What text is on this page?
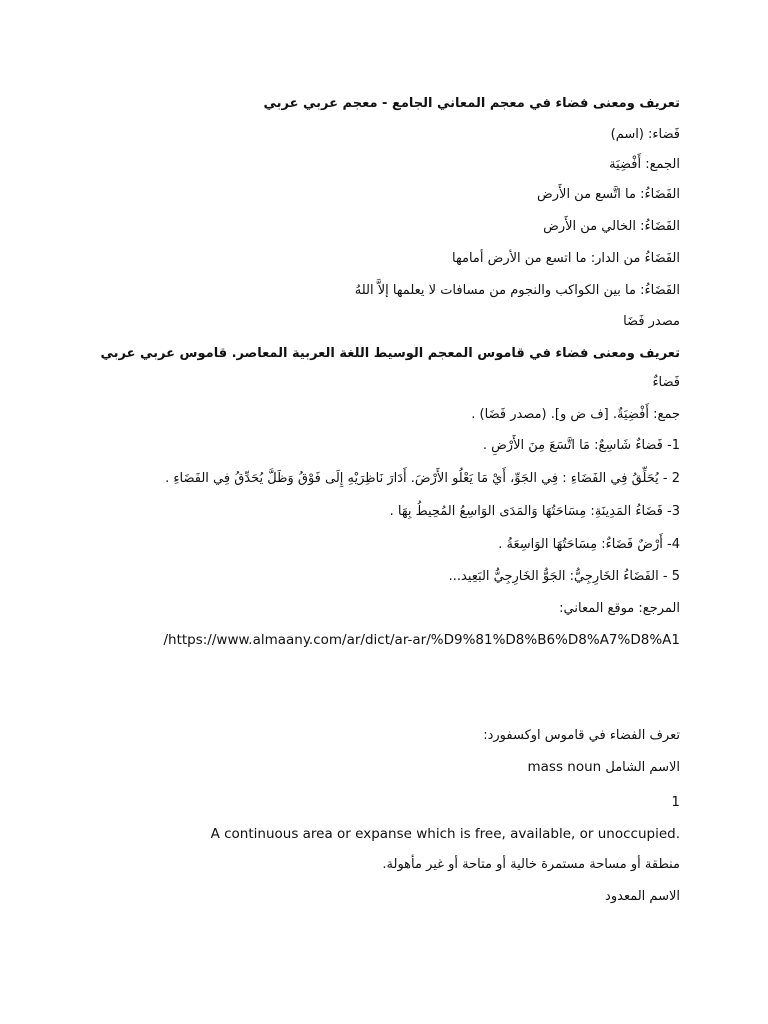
تعريف ومعنى فضاء في معجم المعاني الجامع - معجم عربي عربي
فَضاء: (اسم)
الجمع: أَفْضِيَة
الفَضَاءُ: ما اتَّسع من الأَرض
الفَضَاءُ: الخالي من الأَرض
الفَضَاءُ من الدار: ما اتسع من الأرض أمامها
الفَضَاءُ: ما بين الكواكب والنجوم من مسافات لا يعلمها إلاَّ اللهُ
مصدر فَضَا
تعريف ومعنى فضاء في قاموس المعجم الوسيط اللغة العربية المعاصر. قاموس عربي عربي
فَضاءٌ
جمع: أَفْضِيَةٌ. [ف ض و]. (مصدر فَضَا) .
1- فَضاءٌ شَاسِعٌ: مَا اتَّسَعَ مِنَ الأَرْضِ .
2 - يُحَلِّقُ فِي الفَضَاءِ : فِي الجَوِّ، أَيْ مَا يَعْلُو الأَرْضَ. أَدَارَ نَاظِرَيْهِ إِلَى فَوْقُ وَظَلَّ يُحَدِّقُ فِي الفَضَاءِ .
3- فَضَاءُ المَدِينَةِ: مِسَاحَتُهَا وَالمَدَى الوَاسِعُ المُحِيطُ بِهَا .
4- أَرْضٌ فَضَاءٌ: مِسَاحَتُهَا الوَاسِعَةُ .
5 - الفَضَاءُ الخَارِجِيُّ: الجَوُّ الخَارِجِيُّ البَعِيد...
المرجع: موقع المعاني:
https://www.almaany.com/ar/dict/ar-ar/%D9%81%D8%B6%D8%A7%D8%A1/
تعرف الفضاء في قاموس اوكسفورد:
الاسم الشامل mass noun
1
.A continuous area or expanse which is free, available, or unoccupied
منطقة أو مساحة مستمرة خالية أو متاحة أو غير مأهولة.
الاسم المعدود
